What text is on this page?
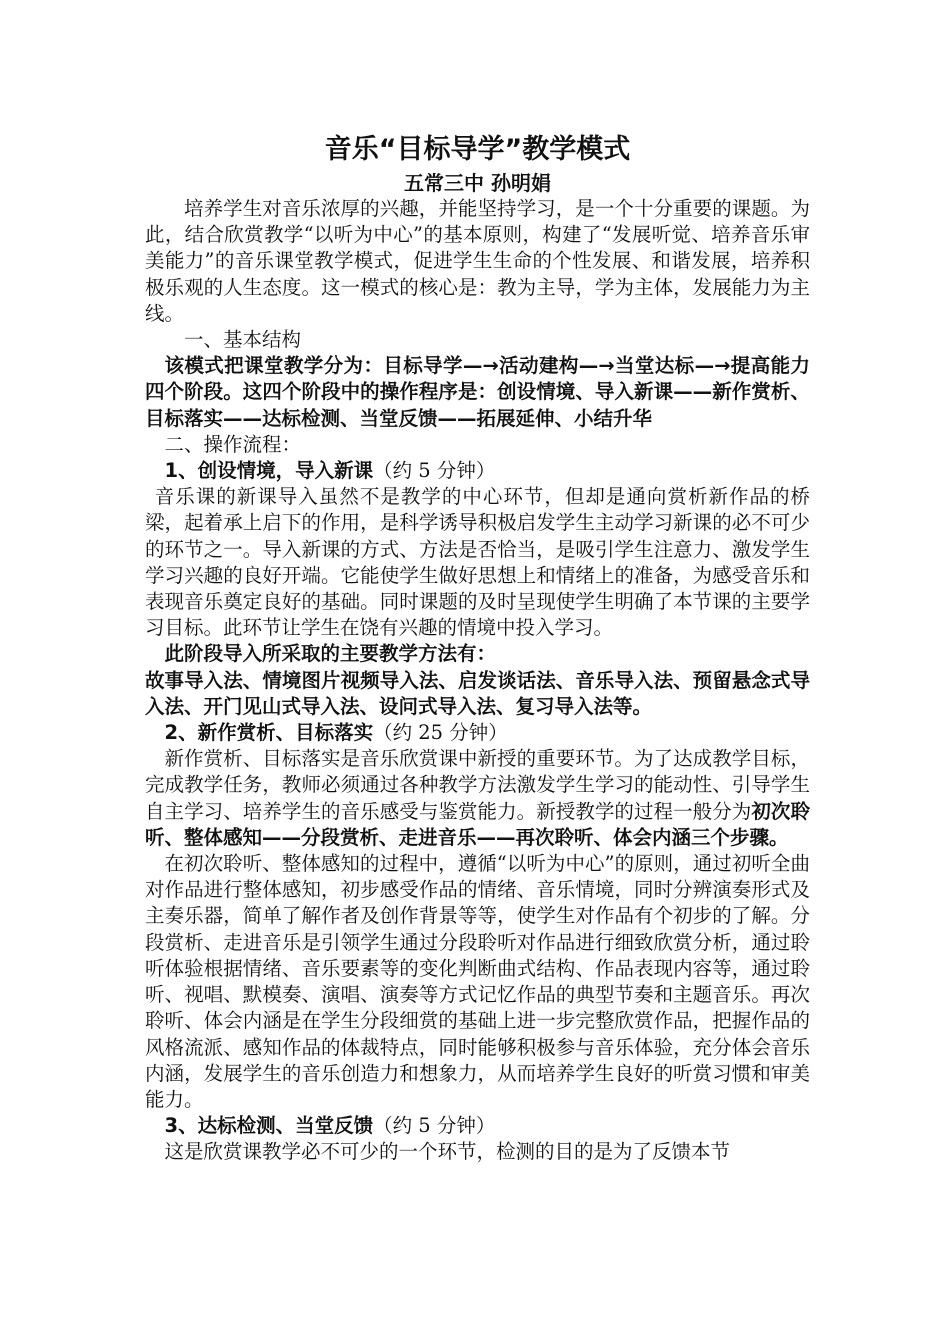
音乐“目标导学”教学模式

五常三中 孙明娟

培养学生对音乐浓厚的兴趣，并能坚持学习，是一个十分重要的课题。为此，结合欣赏教学“以听为中心”的基本原则，构建了“发展听觉、培养音乐审美能力”的音乐课堂教学模式，促进学生生命的个性发展、和谐发展，培养积极乐观的人生态度。这一模式的核心是：教为主导，学为主体，发展能力为主线。

一、基本结构

该模式把课堂教学分为：目标导学—→活动建构—→当堂达标—→提高能力四个阶段。这四个阶段中的操作程序是：创设情境、导入新课——新作赏析、目标落实——达标检测、当堂反馈——拓展延伸、小结升华

二、操作流程：

1、创设情境，导入新课（约 5 分钟）

音乐课的新课导入虽然不是教学的中心环节，但却是通向赏析新作品的桥梁，起着承上启下的作用，是科学诱导积极启发学生主动学习新课的必不可少的环节之一。导入新课的方式、方法是否恰当，是吸引学生注意力、激发学生学习兴趣的良好开端。它能使学生做好思想上和情绪上的准备，为感受音乐和表现音乐奠定良好的基础。同时课题的及时呈现使学生明确了本节课的主要学习目标。此环节让学生在饶有兴趣的情境中投入学习。

此阶段导入所采取的主要教学方法有：

故事导入法、情境图片视频导入法、启发谈话法、音乐导入法、预留悬念式导入法、开门见山式导入法、设问式导入法、复习导入法等。

2、新作赏析、目标落实（约 25 分钟）

新作赏析、目标落实是音乐欣赏课中新授的重要环节。为了达成教学目标，完成教学任务，教师必须通过各种教学方法激发学生学习的能动性、引导学生自主学习、培养学生的音乐感受与鉴赏能力。新授教学的过程一般分为初次聆听、整体感知——分段赏析、走进音乐——再次聆听、体会内涵三个步骤。

在初次聆听、整体感知的过程中，遵循“以听为中心”的原则，通过初听全曲对作品进行整体感知，初步感受作品的情绪、音乐情境，同时分辨演奏形式及主奏乐器，简单了解作者及创作背景等等，使学生对作品有个初步的了解。分段赏析、走进音乐是引领学生通过分段聆听对作品进行细致欣赏分析，通过聆听体验根据情绪、音乐要素等的变化判断曲式结构、作品表现内容等，通过聆听、视唱、默模奏、演唱、演奏等方式记忆作品的典型节奏和主题音乐。再次聆听、体会内涵是在学生分段细赏的基础上进一步完整欣赏作品，把握作品的风格流派、感知作品的体裁特点，同时能够积极参与音乐体验，充分体会音乐内涵，发展学生的音乐创造力和想象力，从而培养学生良好的听赏习惯和审美能力。

3、达标检测、当堂反馈（约 5 分钟）

这是欣赏课教学必不可少的一个环节，检测的目的是为了反馈本节
